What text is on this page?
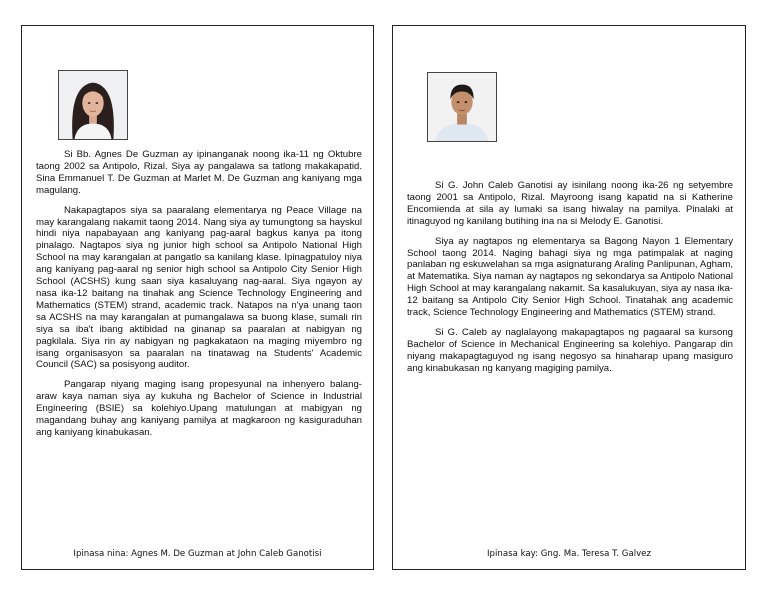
Si Bb. Agnes De Guzman ay ipinanganak noong ika-11 ng Oktubre taong 2002 sa Antipolo, Rizal. Siya ay pangalawa sa tatlong makakapatid. Sina Emmanuel T. De Guzman at Marlet M. De Guzman ang kaniyang mga magulang.

Nakapagtapos siya sa paaralang elementarya ng Peace Village na may karangalang nakamit taong 2014. Nang siya ay tumungtong sa hayskul hindi niya napabayaan ang kaniyang pag-aaral bagkus kanya pa itong pinalago. Nagtapos siya ng junior high school sa Antipolo National High School na may karangalan at pangatlo sa kanilang klase. Ipinagpatuloy niya ang kaniyang pag-aaral ng senior high school sa Antipolo City Senior High School (ACSHS) kung saan siya kasaluyang nag-aaral. Siya ngayon ay nasa ika-12 baitang na tinahak ang Science Technology Engineering and Mathematics (STEM) strand, academic track. Natapos na n'ya unang taon sa ACSHS na may karangalan at pumangalawa sa buong klase, sumali rin siya sa iba't ibang aktibidad na ginanap sa paaralan at nabigyan ng pagkilala. Siya rin ay nabigyan ng pagkakataon na maging miyembro ng isang organisasyon sa paaralan na tinatawag na Students' Academic Council (SAC) sa posisyong auditor.

Pangarap niyang maging isang propesyunal na inhenyero balang-araw kaya naman siya ay kukuha ng Bachelor of Science in Industrial Engineering (BSIE) sa kolehiyo.Upang matulungan at mabigyan ng magandang buhay ang kaniyang pamilya at magkaroon ng kasiguraduhan ang kaniyang kinabukasan.

Ipinasa nina: Agnes M. De Guzman at John Caleb Ganotisi

Si G. John Caleb Ganotisi ay isinilang noong ika-26 ng setyembre taong 2001 sa Antipolo, Rizal. Mayroong isang kapatid na si Katherine Encomienda at sila ay lumaki sa isang hiwalay na pamilya. Pinalaki at itinaguyod ng kanilang butihing ina na si Melody E. Ganotisi.

Siya ay nagtapos ng elementarya sa Bagong Nayon 1 Elementary School taong 2014. Naging bahagi siya ng mga patimpalak at naging panlaban ng eskuwelahan sa mga asignaturang Araling Panlipunan, Agham, at Matematika. Siya naman ay nagtapos ng sekondarya sa Antipolo National High School at may karangalang nakamit. Sa kasalukuyan, siya ay nasa ika-12 baitang sa Antipolo City Senior High School. Tinatahak ang academic track, Science Technology Engineering and Mathematics (STEM) strand.

Si G. Caleb ay naglalayong makapagtapos ng pagaaral sa kursong Bachelor of Science in Mechanical Engineering sa kolehiyo. Pangarap din niyang makapagtaguyod ng isang negosyo sa hinaharap upang masiguro ang kinabukasan ng kanyang magiging pamilya.

Ipinasa kay: Gng. Ma. Teresa T. Galvez
